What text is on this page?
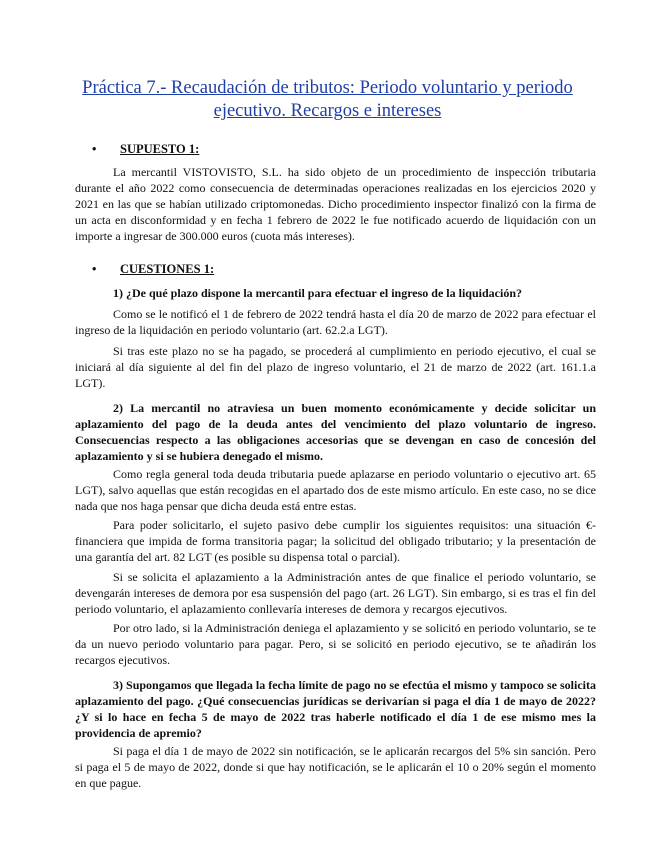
Práctica 7.- Recaudación de tributos: Periodo voluntario y periodo ejecutivo. Recargos e intereses
• SUPUESTO 1:

La mercantil VISTOVISTO, S.L. ha sido objeto de un procedimiento de inspección tributaria durante el año 2022 como consecuencia de determinadas operaciones realizadas en los ejercicios 2020 y 2021 en las que se habían utilizado criptomonedas. Dicho procedimiento inspector finalizó con la firma de un acta en disconformidad y en fecha 1 febrero de 2022 le fue notificado acuerdo de liquidación con un importe a ingresar de 300.000 euros (cuota más intereses).

• CUESTIONES 1:

1) ¿De qué plazo dispone la mercantil para efectuar el ingreso de la liquidación?

Como se le notificó el 1 de febrero de 2022 tendrá hasta el día 20 de marzo de 2022 para efectuar el ingreso de la liquidación en periodo voluntario (art. 62.2.a LGT).

Si tras este plazo no se ha pagado, se procederá al cumplimiento en periodo ejecutivo, el cual se iniciará al día siguiente al del fin del plazo de ingreso voluntario, el 21 de marzo de 2022 (art. 161.1.a LGT).

2) La mercantil no atraviesa un buen momento económicamente y decide solicitar un aplazamiento del pago de la deuda antes del vencimiento del plazo voluntario de ingreso. Consecuencias respecto a las obligaciones accesorias que se devengan en caso de concesión del aplazamiento y si se hubiera denegado el mismo.

Como regla general toda deuda tributaria puede aplazarse en periodo voluntario o ejecutivo art. 65 LGT), salvo aquellas que están recogidas en el apartado dos de este mismo artículo. En este caso, no se dice nada que nos haga pensar que dicha deuda está entre estas.

Para poder solicitarlo, el sujeto pasivo debe cumplir los siguientes requisitos: una situación €-financiera que impida de forma transitoria pagar; la solicitud del obligado tributario; y la presentación de una garantía del art. 82 LGT (es posible su dispensa total o parcial).

Si se solicita el aplazamiento a la Administración antes de que finalice el periodo voluntario, se devengarán intereses de demora por esa suspensión del pago (art. 26 LGT). Sin embargo, si es tras el fin del periodo voluntario, el aplazamiento conllevaría intereses de demora y recargos ejecutivos.

Por otro lado, si la Administración deniega el aplazamiento y se solicitó en periodo voluntario, se te da un nuevo periodo voluntario para pagar. Pero, si se solicitó en periodo ejecutivo, se te añadirán los recargos ejecutivos.

3) Supongamos que llegada la fecha límite de pago no se efectúa el mismo y tampoco se solicita aplazamiento del pago. ¿Qué consecuencias jurídicas se derivarían si paga el día 1 de mayo de 2022? ¿Y si lo hace en fecha 5 de mayo de 2022 tras haberle notificado el día 1 de ese mismo mes la providencia de apremio?

Si paga el día 1 de mayo de 2022 sin notificación, se le aplicarán recargos del 5% sin sanción. Pero si paga el 5 de mayo de 2022, donde si que hay notificación, se le aplicarán el 10 o 20% según el momento en que pague.
